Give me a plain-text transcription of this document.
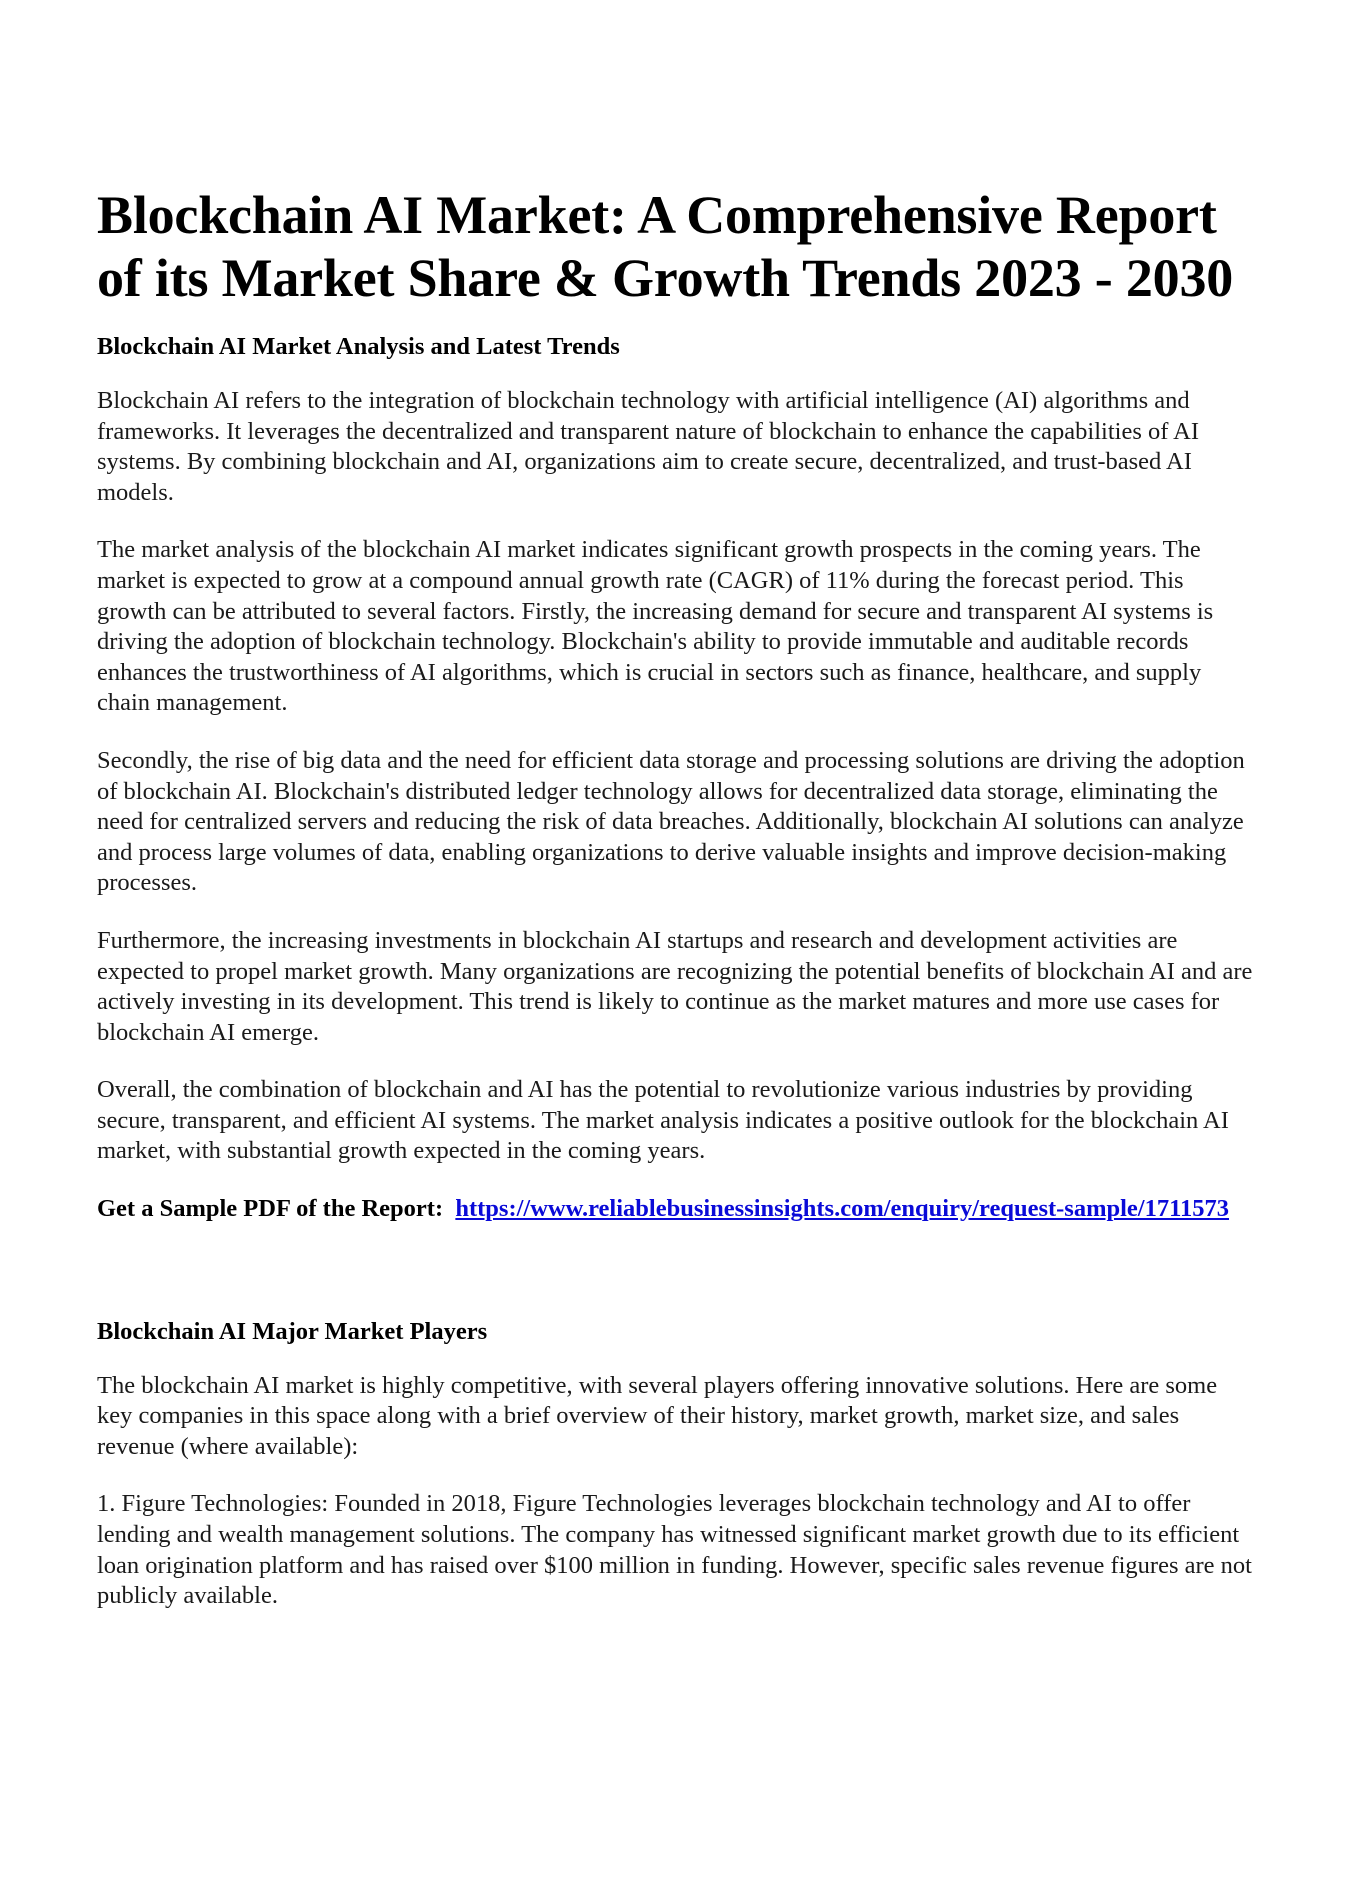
Blockchain AI Market: A Comprehensive Report of its Market Share & Growth Trends 2023 - 2030
Blockchain AI Market Analysis and Latest Trends

Blockchain AI refers to the integration of blockchain technology with artificial intelligence (AI) algorithms and frameworks. It leverages the decentralized and transparent nature of blockchain to enhance the capabilities of AI systems. By combining blockchain and AI, organizations aim to create secure, decentralized, and trust-based AI models.

The market analysis of the blockchain AI market indicates significant growth prospects in the coming years. The market is expected to grow at a compound annual growth rate (CAGR) of 11% during the forecast period. This growth can be attributed to several factors. Firstly, the increasing demand for secure and transparent AI systems is driving the adoption of blockchain technology. Blockchain's ability to provide immutable and auditable records enhances the trustworthiness of AI algorithms, which is crucial in sectors such as finance, healthcare, and supply chain management.

Secondly, the rise of big data and the need for efficient data storage and processing solutions are driving the adoption of blockchain AI. Blockchain's distributed ledger technology allows for decentralized data storage, eliminating the need for centralized servers and reducing the risk of data breaches. Additionally, blockchain AI solutions can analyze and process large volumes of data, enabling organizations to derive valuable insights and improve decision-making processes.

Furthermore, the increasing investments in blockchain AI startups and research and development activities are expected to propel market growth. Many organizations are recognizing the potential benefits of blockchain AI and are actively investing in its development. This trend is likely to continue as the market matures and more use cases for blockchain AI emerge.

Overall, the combination of blockchain and AI has the potential to revolutionize various industries by providing secure, transparent, and efficient AI systems. The market analysis indicates a positive outlook for the blockchain AI market, with substantial growth expected in the coming years.

Get a Sample PDF of the Report: https://www.reliablebusinessinsights.com/enquiry/request-sample/1711573

Blockchain AI Major Market Players

The blockchain AI market is highly competitive, with several players offering innovative solutions. Here are some key companies in this space along with a brief overview of their history, market growth, market size, and sales revenue (where available):

1. Figure Technologies: Founded in 2018, Figure Technologies leverages blockchain technology and AI to offer lending and wealth management solutions. The company has witnessed significant market growth due to its efficient loan origination platform and has raised over $100 million in funding. However, specific sales revenue figures are not publicly available.
